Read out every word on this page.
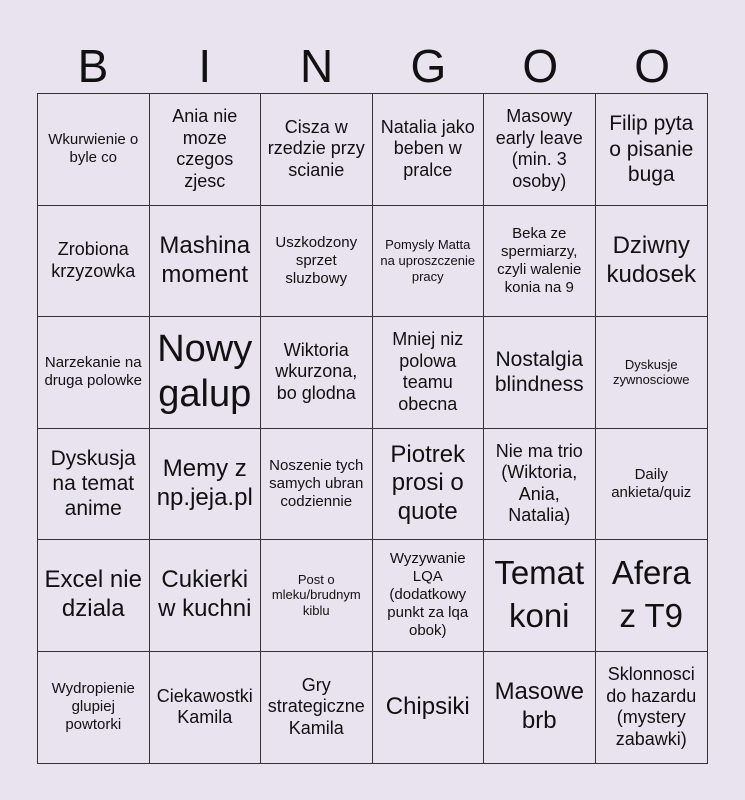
B	I	N	G	O	O
Wkurwienie o byle co
Ania nie moze czegos zjesc
Cisza w rzedzie przy scianie
Natalia jako beben w pralce
Masowy early leave (min. 3 osoby)
Filip pyta o pisanie buga
Zrobiona krzyzowka
Mashina moment
Uszkodzony sprzet sluzbowy
Pomysly Matta na uproszczenie pracy
Beka ze spermiarzy, czyli walenie konia na 9
Dziwny kudosek
Narzekanie na druga polowke
Nowy galup
Wiktoria wkurzona, bo glodna
Mniej niz polowa teamu obecna
Nostalgia blindness
Dyskusje zywnosciowe
Dyskusja na temat anime
Memy z np.jeja.pl
Noszenie tych samych ubran codziennie
Piotrek prosi o quote
Nie ma trio (Wiktoria, Ania, Natalia)
Daily ankieta/quiz
Excel nie dziala
Cukierki w kuchni
Post o mleku/brudnym kiblu
Wyzywanie LQA (dodatkowy punkt za lqa obok)
Temat koni
Afera z T9
Wydropienie glupiej powtorki
Ciekawostki Kamila
Gry strategiczne Kamila
Chipsiki
Masowe brb
Sklonnosci do hazardu (mystery zabawki)
